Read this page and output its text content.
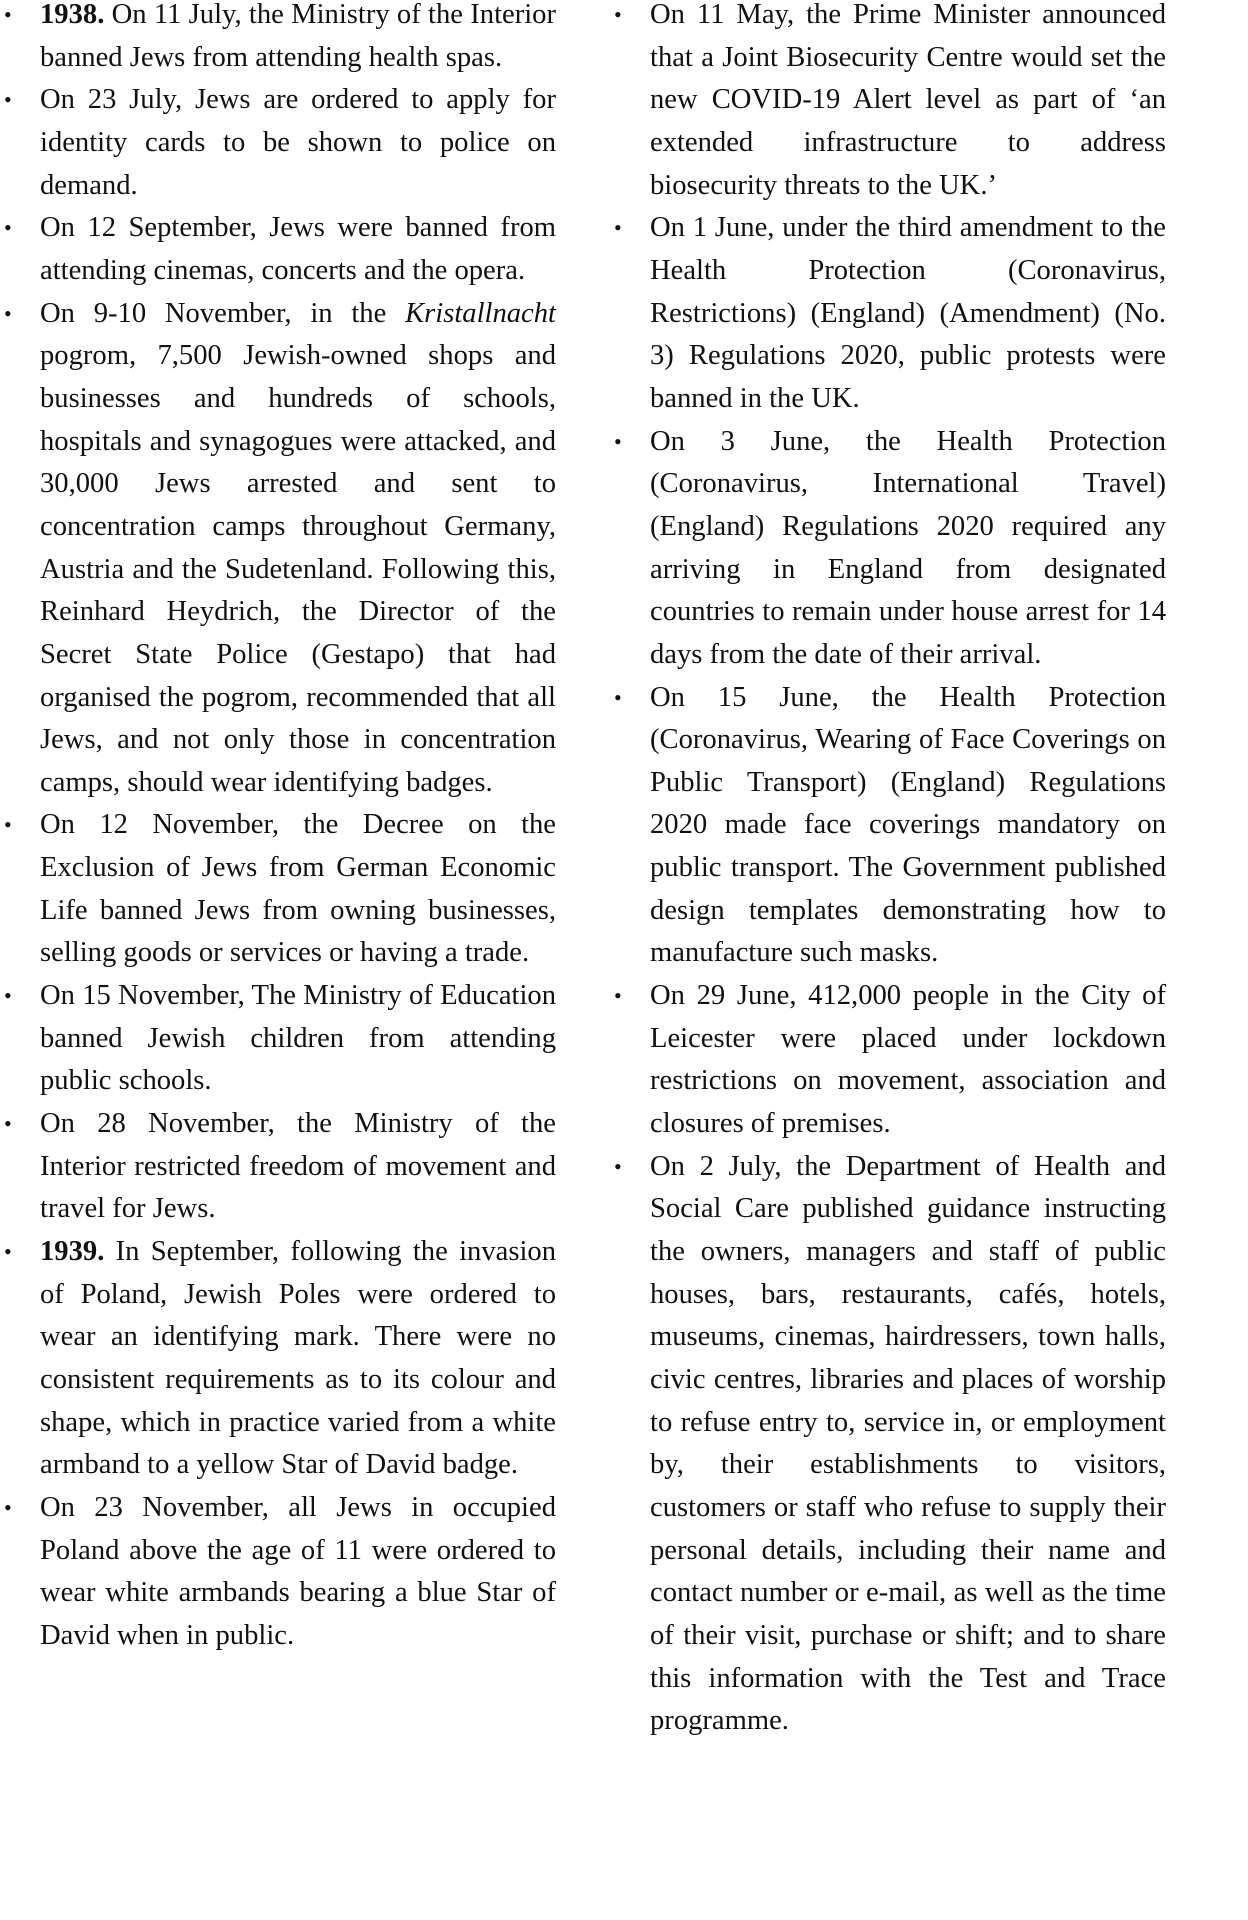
• 1938. On 11 July, the Ministry of the Interior banned Jews from attending health spas.
• On 23 July, Jews are ordered to apply for identity cards to be shown to police on demand.
• On 12 September, Jews were banned from attending cinemas, concerts and the opera.
• On 9-10 November, in the Kristallnacht pogrom, 7,500 Jewish-owned shops and businesses and hundreds of schools, hospitals and synagogues were attacked, and 30,000 Jews arrested and sent to concentration camps throughout Germany, Austria and the Sudetenland. Following this, Reinhard Heydrich, the Director of the Secret State Police (Gestapo) that had organised the pogrom, recommended that all Jews, and not only those in concentration camps, should wear identifying badges.
• On 12 November, the Decree on the Exclusion of Jews from German Economic Life banned Jews from owning businesses, selling goods or services or having a trade.
• On 15 November, The Ministry of Education banned Jewish children from attending public schools.
• On 28 November, the Ministry of the Interior restricted freedom of movement and travel for Jews.
• 1939. In September, following the invasion of Poland, Jewish Poles were ordered to wear an identifying mark. There were no consistent requirements as to its colour and shape, which in practice varied from a white armband to a yellow Star of David badge.
• On 23 November, all Jews in occupied Poland above the age of 11 were ordered to wear white armbands bearing a blue Star of David when in public.
• On 11 May, the Prime Minister announced that a Joint Biosecurity Centre would set the new COVID-19 Alert level as part of ‘an extended infrastructure to address biosecurity threats to the UK.’
• On 1 June, under the third amendment to the Health Protection (Coronavirus, Restrictions) (England) (Amendment) (No. 3) Regulations 2020, public protests were banned in the UK.
• On 3 June, the Health Protection (Coronavirus, International Travel) (England) Regulations 2020 required any arriving in England from designated countries to remain under house arrest for 14 days from the date of their arrival.
• On 15 June, the Health Protection (Coronavirus, Wearing of Face Coverings on Public Transport) (England) Regulations 2020 made face coverings mandatory on public transport. The Government published design templates demonstrating how to manufacture such masks.
• On 29 June, 412,000 people in the City of Leicester were placed under lockdown restrictions on movement, association and closures of premises.
• On 2 July, the Department of Health and Social Care published guidance instructing the owners, managers and staff of public houses, bars, restaurants, cafés, hotels, museums, cinemas, hairdressers, town halls, civic centres, libraries and places of worship to refuse entry to, service in, or employment by, their establishments to visitors, customers or staff who refuse to supply their personal details, including their name and contact number or e-mail, as well as the time of their visit, purchase or shift; and to share this information with the Test and Trace programme.
